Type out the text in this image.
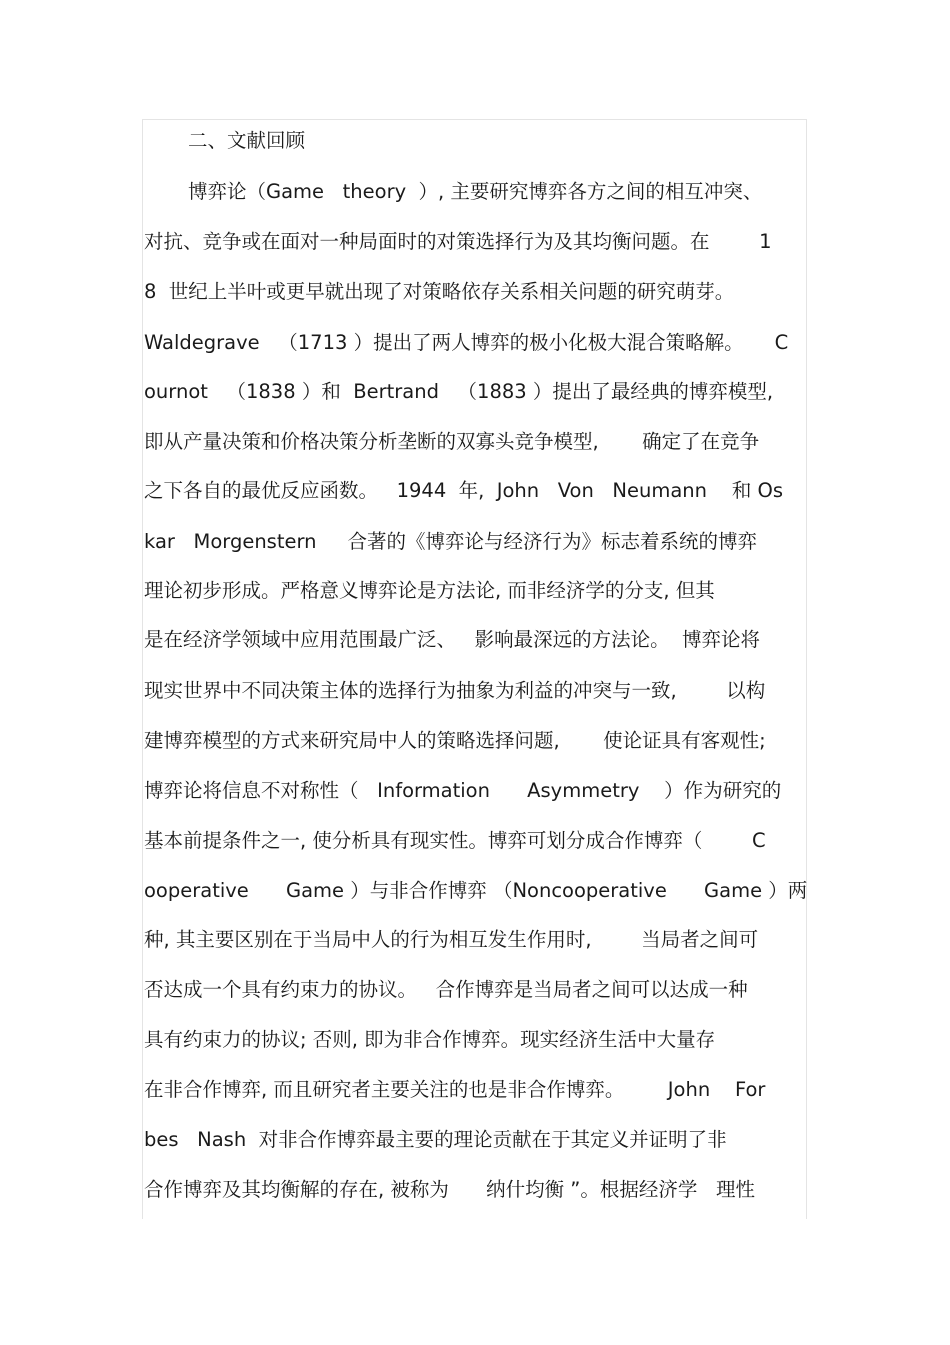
二、文献回顾
博弈论（Game   theory  ）, 主要研究博弈各方之间的相互冲突、
对抗、竞争或在面对一种局面时的对策选择行为及其均衡问题。在        1
8  世纪上半叶或更早就出现了对策略依存关系相关问题的研究萌芽。
Waldegrave   （1713 ）提出了两人博弈的极小化极大混合策略解。     C
ournot   （1838 ）和  Bertrand   （1883 ）提出了最经典的博弈模型,
即从产量决策和价格决策分析垄断的双寡头竞争模型,       确定了在竞争
之下各自的最优反应函数。   1944  年,  John   Von   Neumann    和 Os
kar   Morgenstern     合著的《博弈论与经济行为》标志着系统的博弈
理论初步形成。严格意义博弈论是方法论, 而非经济学的分支, 但其
是在经济学领域中应用范围最广泛、   影响最深远的方法论。  博弈论将
现实世界中不同决策主体的选择行为抽象为利益的冲突与一致,        以构
建博弈模型的方式来研究局中人的策略选择问题,       使论证具有客观性;
博弈论将信息不对称性（   Information      Asymmetry    ）作为研究的
基本前提条件之一, 使分析具有现实性。博弈可划分成合作博弈（        C
ooperative      Game ）与非合作博弈 （Noncooperative      Game ）两
种, 其主要区别在于当局中人的行为相互发生作用时,        当局者之间可
否达成一个具有约束力的协议。   合作博弈是当局者之间可以达成一种
具有约束力的协议; 否则, 即为非合作博弈。现实经济生活中大量存
在非合作博弈, 而且研究者主要关注的也是非合作博弈。       John    For
bes   Nash  对非合作博弈最主要的理论贡献在于其定义并证明了非
合作博弈及其均衡解的存在, 被称为      纳什均衡 ”。根据经济学   理性
